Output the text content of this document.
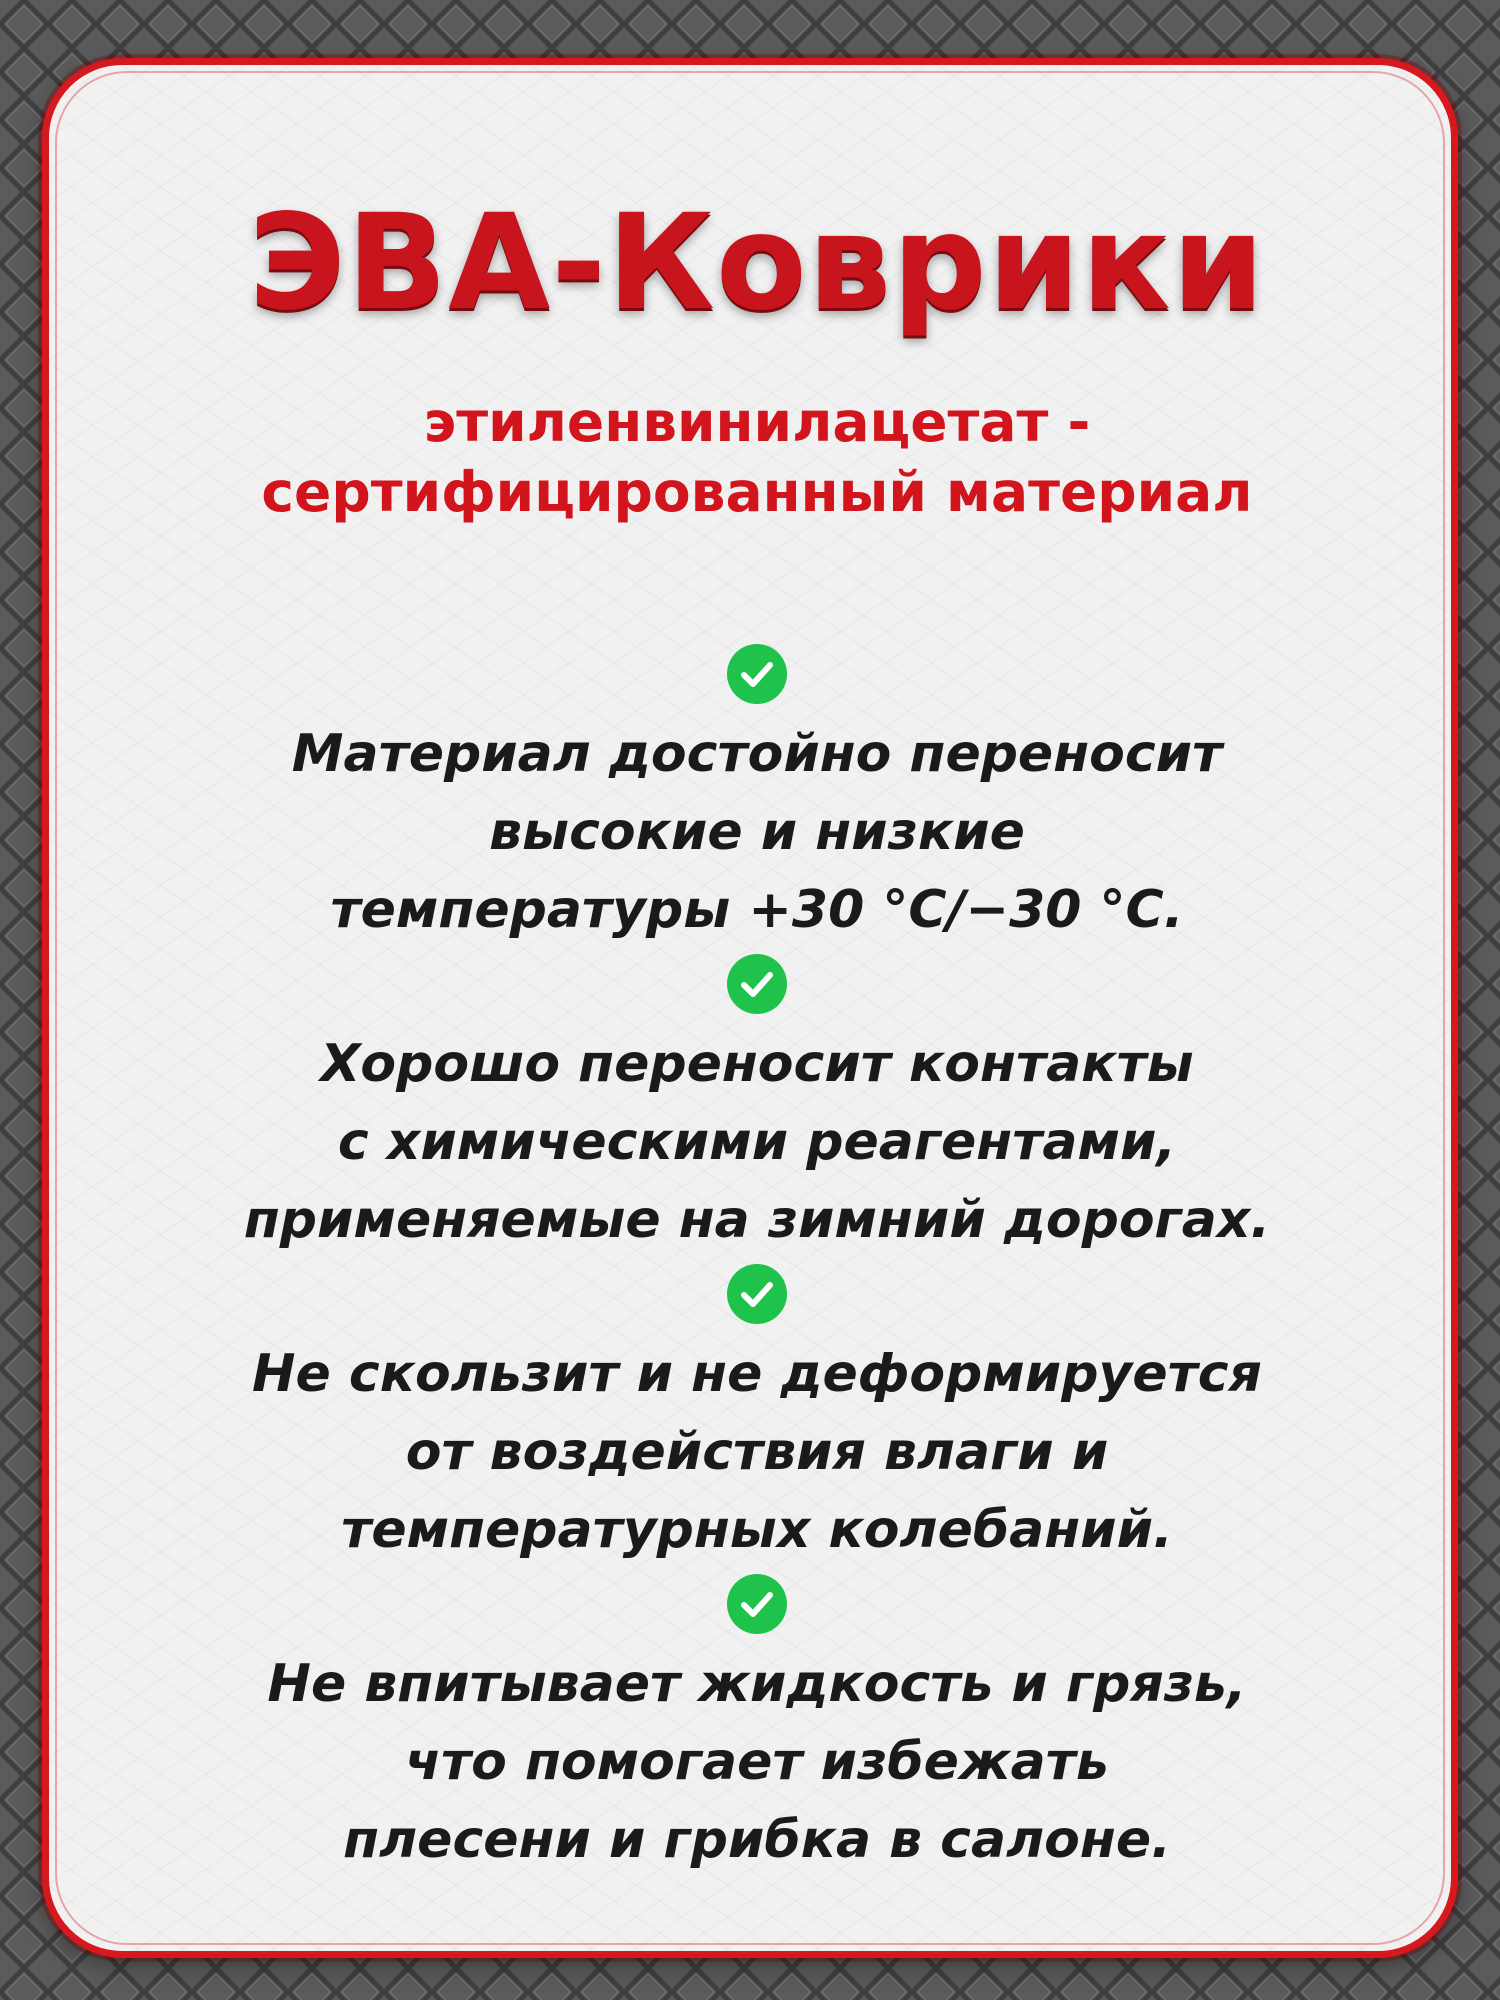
ЭВА-Коврики
этиленвинилацетат -
сертифицированный материал

Материал достойно переносит
высокие и низкие
температуры +30 °C/−30 °C.

Хорошо переносит контакты
с химическими реагентами,
применяемые на зимний дорогах.

Не скользит и не деформируется
от воздействия влаги и
температурных колебаний.

Не впитывает жидкость и грязь,
что помогает избежать
плесени и грибка в салоне.
